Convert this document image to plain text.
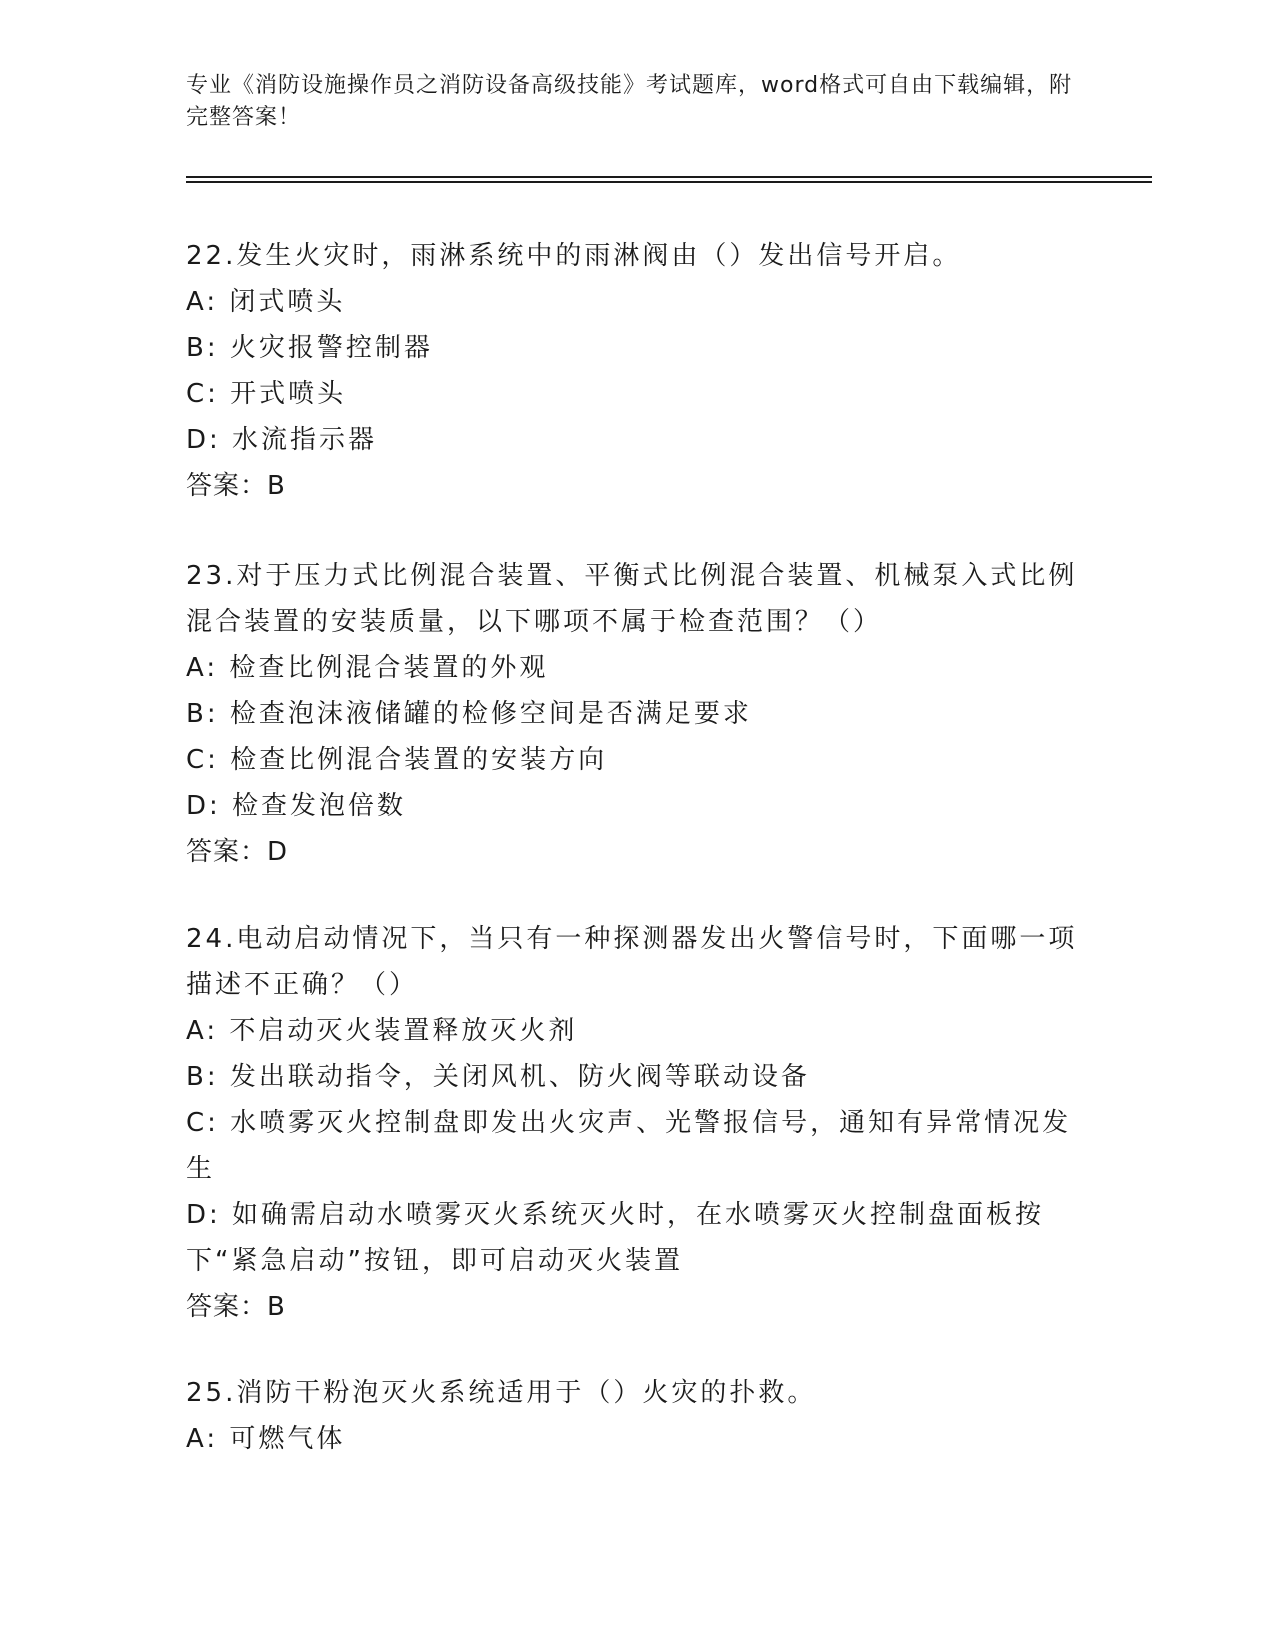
专业《消防设施操作员之消防设备高级技能》考试题库，word格式可自由下载编辑，附完整答案！

22.发生火灾时，雨淋系统中的雨淋阀由（）发出信号开启。

A: 闭式喷头

B: 火灾报警控制器

C: 开式喷头

D: 水流指示器

答案：B

23.对于压力式比例混合装置、平衡式比例混合装置、机械泵入式比例混合装置的安装质量，以下哪项不属于检查范围？（）

A: 检查比例混合装置的外观

B: 检查泡沫液储罐的检修空间是否满足要求

C: 检查比例混合装置的安装方向

D: 检查发泡倍数

答案：D

24.电动启动情况下，当只有一种探测器发出火警信号时，下面哪一项描述不正确？（）

A: 不启动灭火装置释放灭火剂

B: 发出联动指令，关闭风机、防火阀等联动设备

C: 水喷雾灭火控制盘即发出火灾声、光警报信号，通知有异常情况发生

D: 如确需启动水喷雾灭火系统灭火时，在水喷雾灭火控制盘面板按下“紧急启动”按钮，即可启动灭火装置

答案：B

25.消防干粉泡灭火系统适用于（）火灾的扑救。

A: 可燃气体
